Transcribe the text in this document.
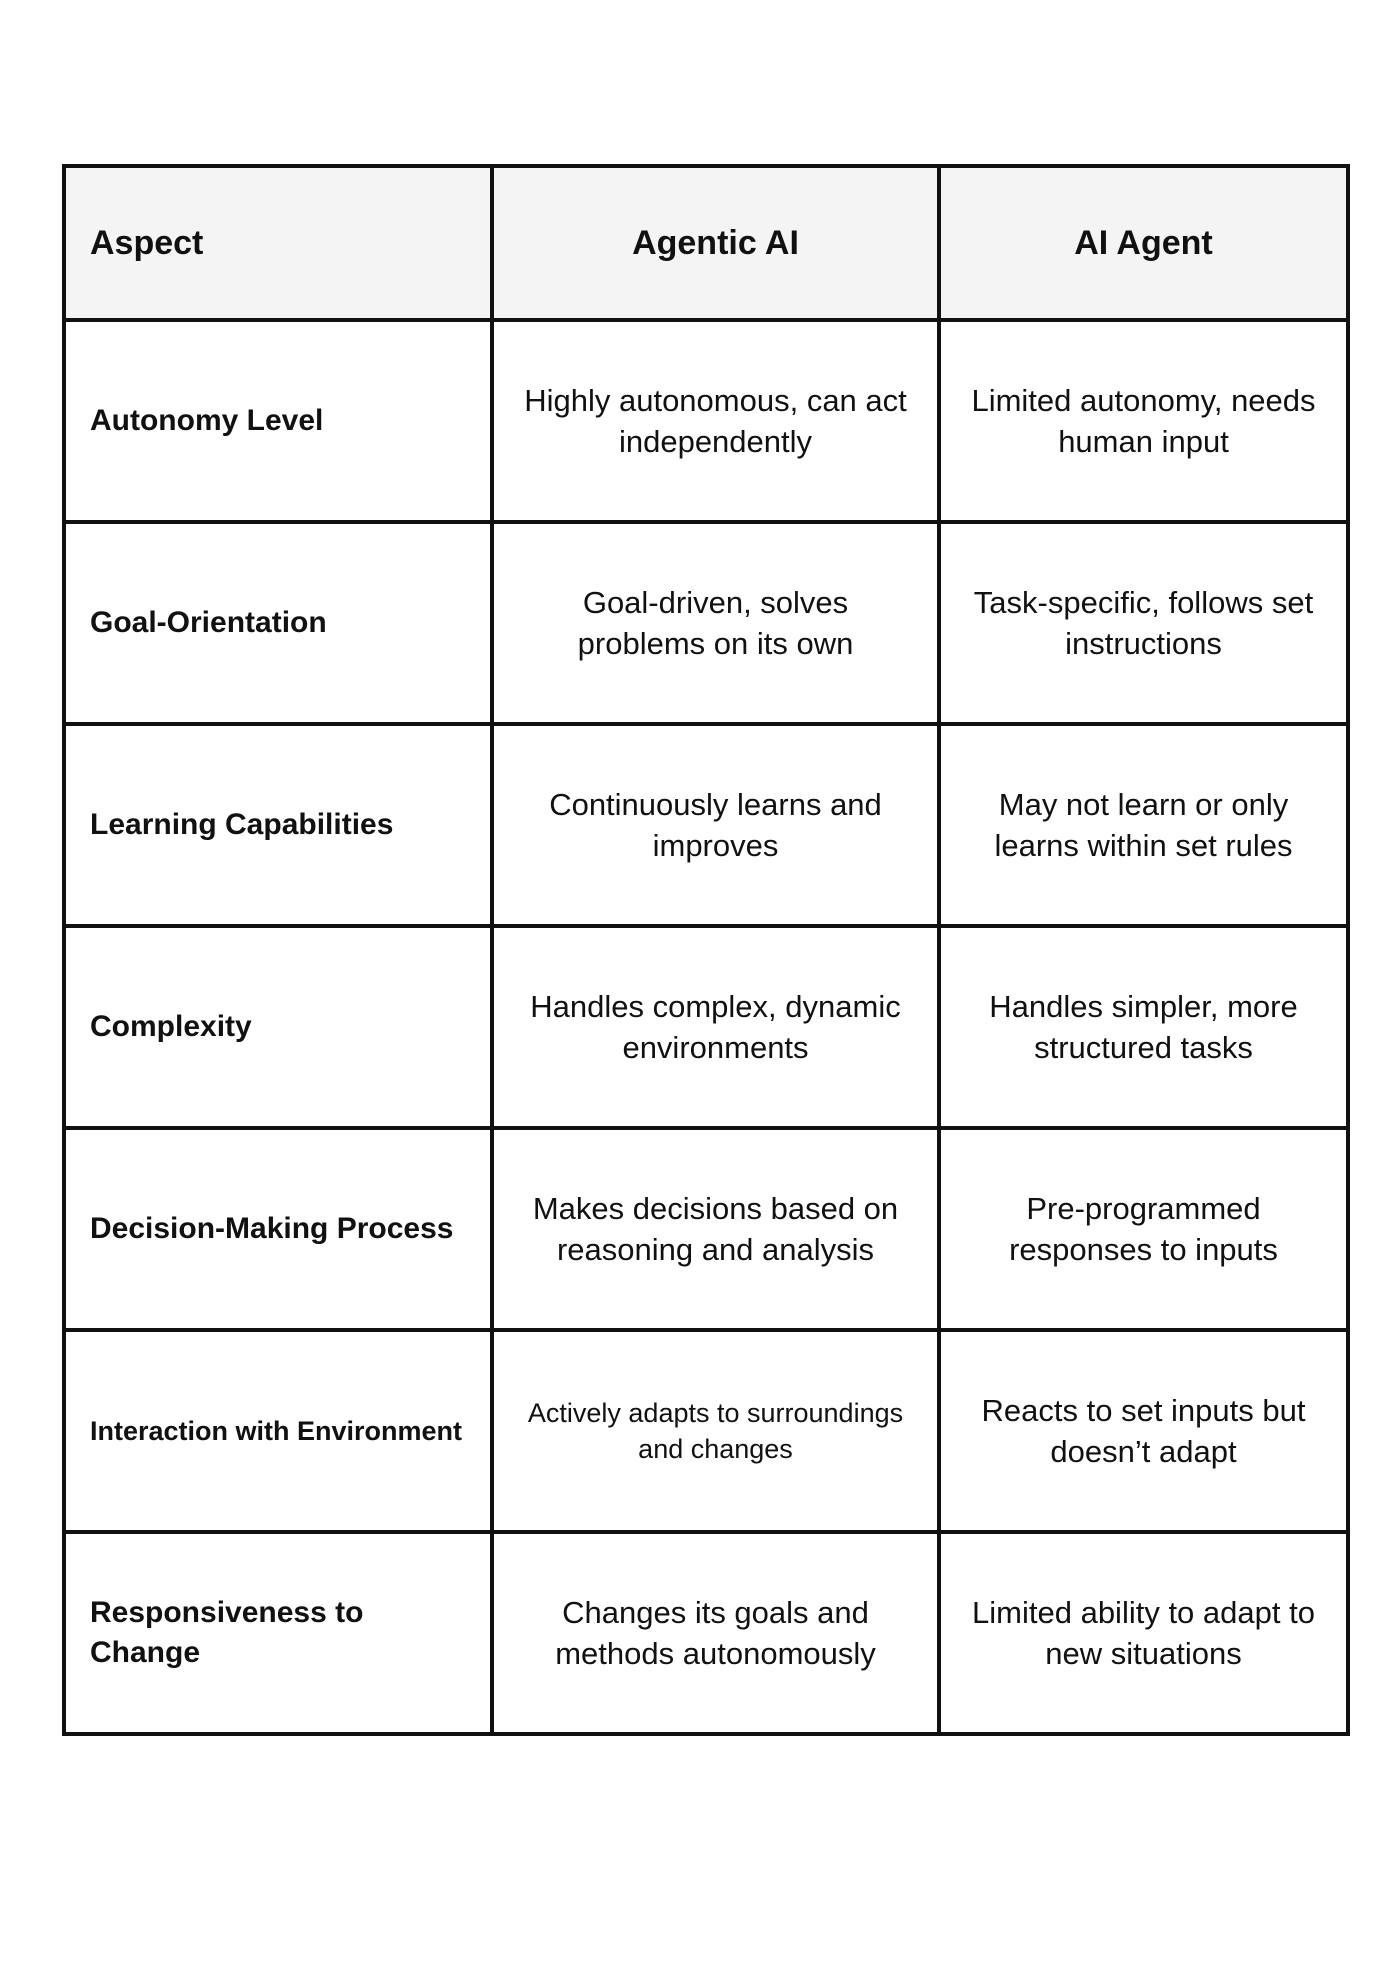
Aspect	Agentic AI	AI Agent
Autonomy Level	Highly autonomous, can act independently	Limited autonomy, needs human input
Goal-Orientation	Goal-driven, solves problems on its own	Task-specific, follows set instructions
Learning Capabilities	Continuously learns and improves	May not learn or only learns within set rules
Complexity	Handles complex, dynamic environments	Handles simpler, more structured tasks
Decision-Making Process	Makes decisions based on reasoning and analysis	Pre-programmed responses to inputs
Interaction with Environment	Actively adapts to surroundings and changes	Reacts to set inputs but doesn’t adapt
Responsiveness to Change	Changes its goals and methods autonomously	Limited ability to adapt to new situations
